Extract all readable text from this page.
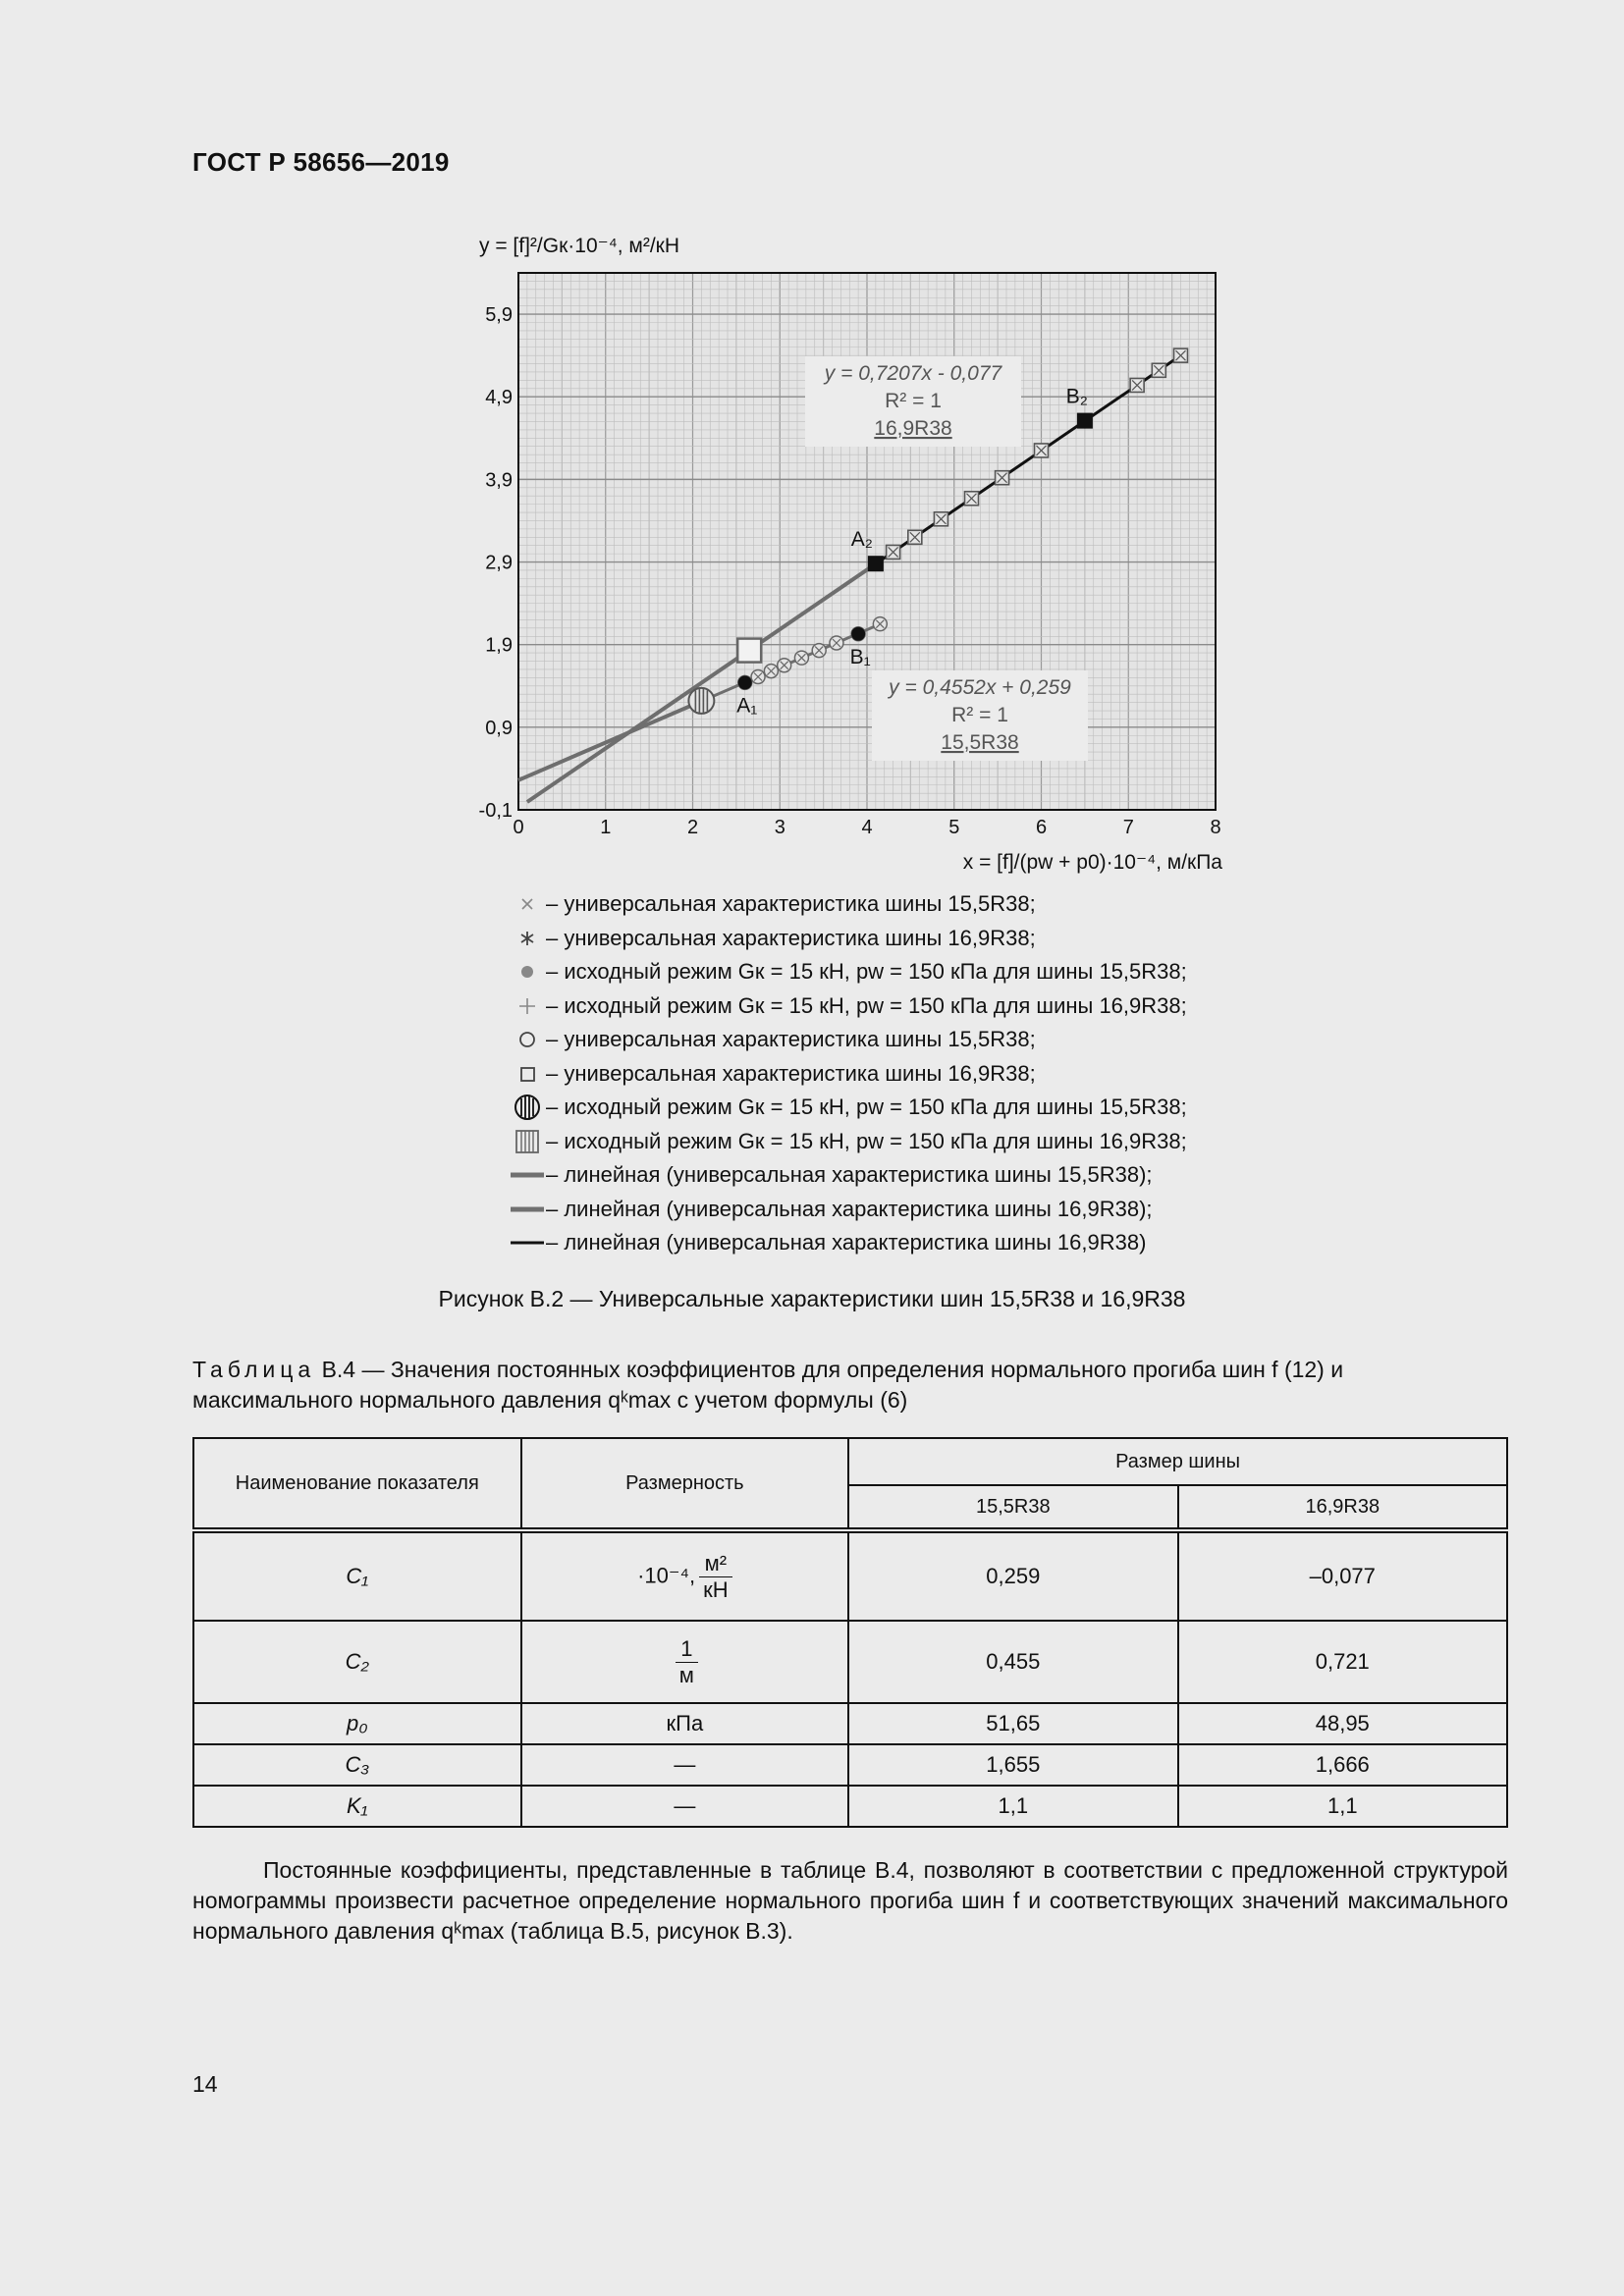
ГОСТ Р 58656—2019
-0,1
0,9
1,9
2,9
3,9
4,9
5,9
0	1	2	3	4	5	6	7	8
y = 0,7207x - 0,077
R² = 1
16,9R38
y = 0,4552x + 0,259
R² = 1
15,5R38
A₁
B₁
A₂
B₂
y = [f]²/Gк·10⁻⁴, м²/кН
x = [f]/(pw + p0)·10⁻⁴, м/кПа
– универсальная характеристика шины 15,5R38;
– универсальная характеристика шины 16,9R38;
– исходный режим Gк = 15 кН, pw = 150 кПа для шины 15,5R38;
– исходный режим Gк = 15 кН, pw = 150 кПа для шины 16,9R38;
– универсальная характеристика шины 15,5R38;
– универсальная характеристика шины 16,9R38;
– исходный режим Gк = 15 кН, pw = 150 кПа для шины 15,5R38;
– исходный режим Gк = 15 кН, pw = 150 кПа для шины 16,9R38;
– линейная (универсальная характеристика шины 15,5R38);
– линейная (универсальная характеристика шины 16,9R38);
– линейная (универсальная характеристика шины 16,9R38)
Рисунок В.2 — Универсальные характеристики шин 15,5R38 и 16,9R38
Таблица В.4 — Значения постоянных коэффициентов для определения нормального прогиба шин f (12) и максимального нормального давления qᵏmax с учетом формулы (6)
Наименование показателя	Размерность	Размер шины	
		15,5R38	16,9R38
C₁	·10⁻⁴, $\frac{\text{м²}}{кН}$	0,259	–0,077
C₂	$\frac{1}{м}$	0,455	0,721
p₀	кПа	51,65	48,95
C₃	—	1,655	1,666
K₁	—	1,1	1,1
Постоянные коэффициенты, представленные в таблице В.4, позволяют в соответствии с предложенной структурой номограммы произвести расчетное определение нормального прогиба шин f и соответствующих значений максимального нормального давления qᵏmax (таблица В.5, рисунок В.3).
14
